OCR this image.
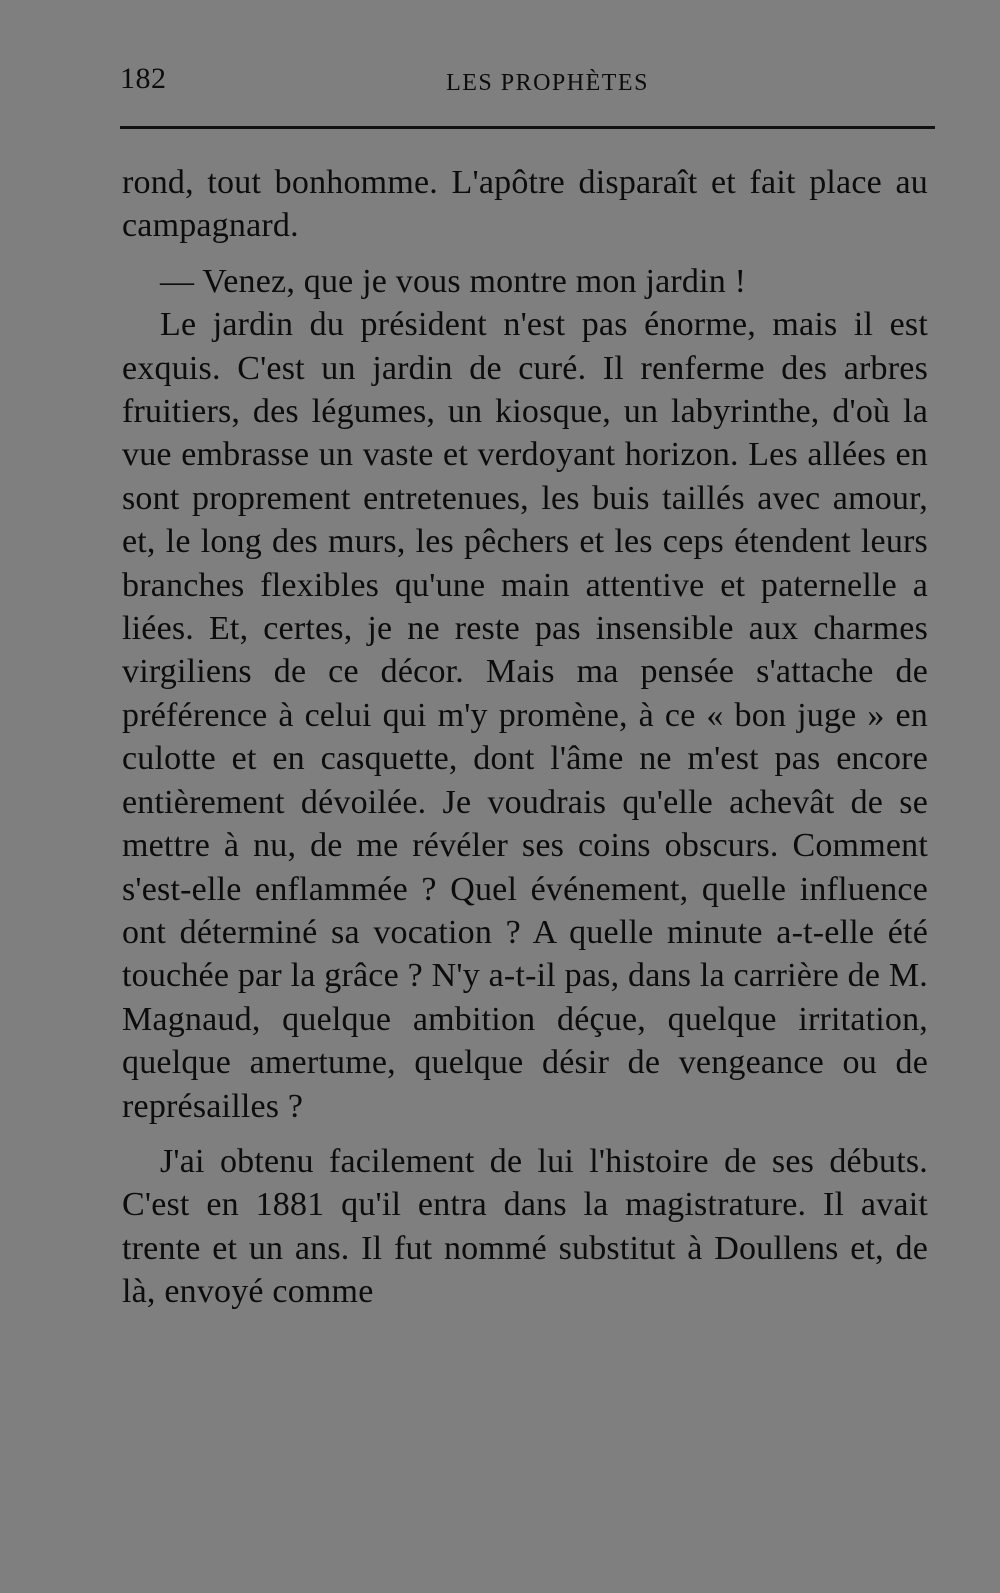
182	LES PROPHÈTES

rond, tout bonhomme. L'apôtre disparaît et fait place au campagnard.

— Venez, que je vous montre mon jardin !

Le jardin du président n'est pas énorme, mais il est exquis. C'est un jardin de curé. Il renferme des arbres fruitiers, des légumes, un kiosque, un labyrinthe, d'où la vue embrasse un vaste et verdoyant horizon. Les allées en sont proprement entretenues, les buis taillés avec amour, et, le long des murs, les pêchers et les ceps étendent leurs branches flexibles qu'une main attentive et paternelle a liées. Et, certes, je ne reste pas insensible aux charmes virgiliens de ce décor. Mais ma pensée s'attache de préférence à celui qui m'y promène, à ce « bon juge » en culotte et en casquette, dont l'âme ne m'est pas encore entièrement dévoilée. Je voudrais qu'elle achevât de se mettre à nu, de me révéler ses coins obscurs. Comment s'est-elle enflammée ? Quel événement, quelle influence ont déterminé sa vocation ? A quelle minute a-t-elle été touchée par la grâce ? N'y a-t-il pas, dans la carrière de M. Magnaud, quelque ambition déçue, quelque irritation, quelque amertume, quelque désir de vengeance ou de représailles ?

J'ai obtenu facilement de lui l'histoire de ses débuts. C'est en 1881 qu'il entra dans la magistrature. Il avait trente et un ans. Il fut nommé substitut à Doullens et, de là, envoyé comme
